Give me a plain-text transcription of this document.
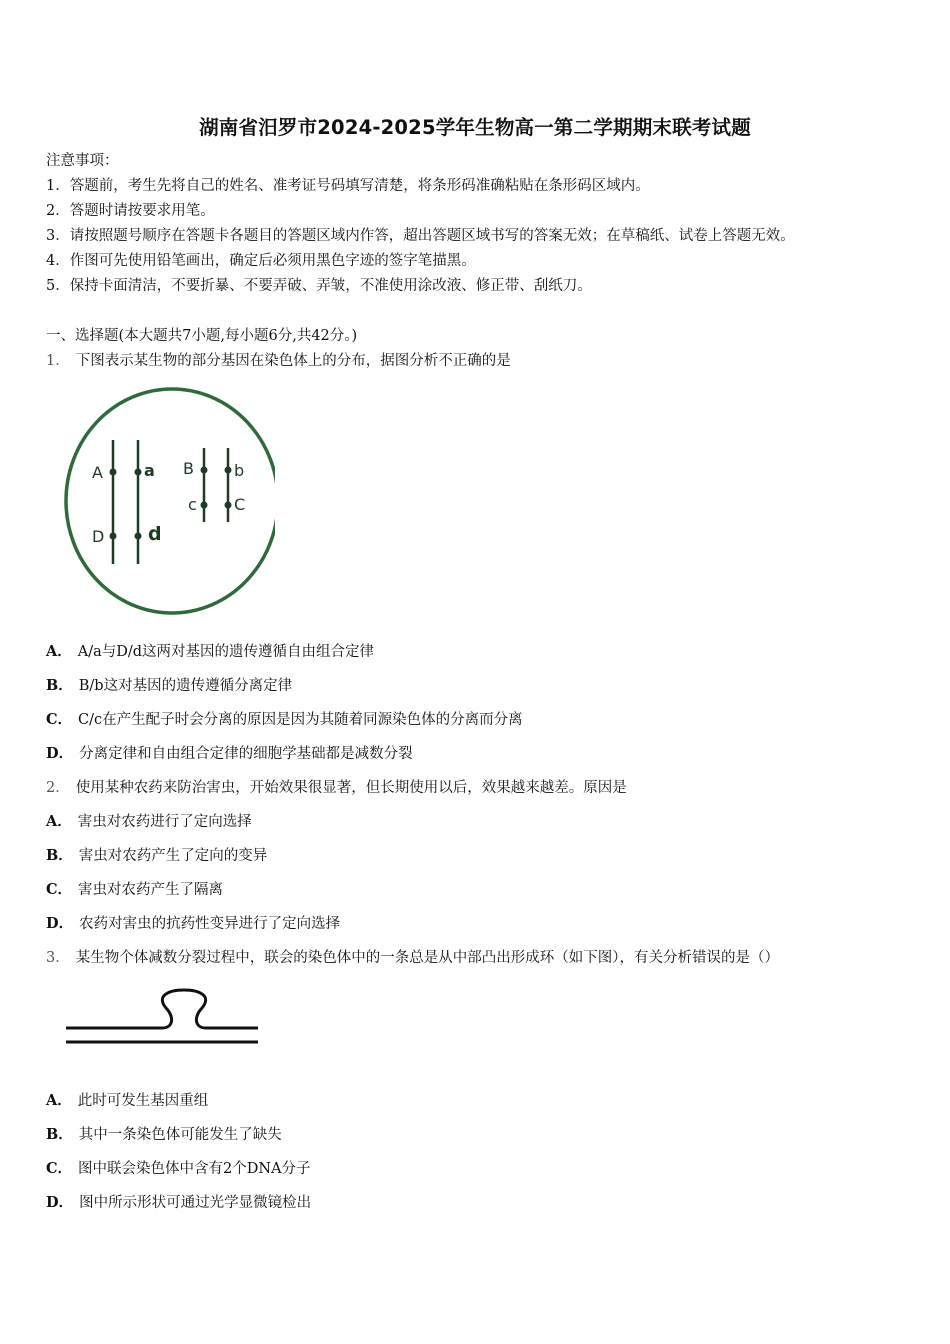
湖南省汨罗市2024-2025学年生物高一第二学期期末联考试题
注意事项：
1．答题前，考生先将自己的姓名、准考证号码填写清楚，将条形码准确粘贴在条形码区域内。
2．答题时请按要求用笔。
3．请按照题号顺序在答题卡各题目的答题区域内作答，超出答题区域书写的答案无效；在草稿纸、试卷上答题无效。
4．作图可先使用铅笔画出，确定后必须用黑色字迹的签字笔描黑。
5．保持卡面清洁，不要折暴、不要弄破、弄皱，不准使用涂改液、修正带、刮纸刀。
一、选择题(本大题共7小题,每小题6分,共42分。)
1． 下图表示某生物的部分基因在染色体上的分布，据图分析不正确的是
A	a
D d
B	b
c C
A． A/a与D/d这两对基因的遗传遵循自由组合定律
B． B/b这对基因的遗传遵循分离定律
C． C/c在产生配子时会分离的原因是因为其随着同源染色体的分离而分离
D． 分离定律和自由组合定律的细胞学基础都是减数分裂
2． 使用某种农药来防治害虫，开始效果很显著，但长期使用以后，效果越来越差。原因是
A． 害虫对农药进行了定向选择
B． 害虫对农药产生了定向的变异
C． 害虫对农药产生了隔离
D． 农药对害虫的抗药性变异进行了定向选择
3． 某生物个体减数分裂过程中，联会的染色体中的一条总是从中部凸出形成环（如下图），有关分析错误的是（）
A． 此时可发生基因重组
B． 其中一条染色体可能发生了缺失
C． 图中联会染色体中含有2个DNA分子
D． 图中所示形状可通过光学显微镜检出
